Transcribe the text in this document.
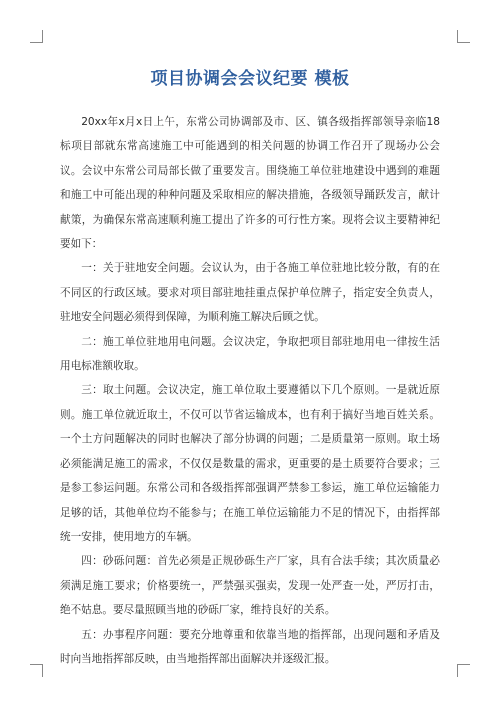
项目协调会会议纪要 模板

20xx年x月x日上午，东常公司协调部及市、区、镇各级指挥部领导亲临18标项目部就东常高速施工中可能遇到的相关问题的协调工作召开了现场办公会议。会议中东常公司局部长做了重要发言。围绕施工单位驻地建设中遇到的难题和施工中可能出现的种种问题及采取相应的解决措施，各级领导踊跃发言，献计献策，为确保东常高速顺利施工提出了许多的可行性方案。现将会议主要精神纪要如下：

一：关于驻地安全问题。会议认为，由于各施工单位驻地比较分散，有的在不同区的行政区域。要求对项目部驻地挂重点保护单位牌子，指定安全负责人，驻地安全问题必须得到保障，为顺利施工解决后顾之忧。

二：施工单位驻地用电问题。会议决定，争取把项目部驻地用电一律按生活用电标准额收取。

三：取土问题。会议决定，施工单位取土要遵循以下几个原则。一是就近原则。施工单位就近取土，不仅可以节省运输成本，也有利于搞好当地百姓关系。一个土方问题解决的同时也解决了部分协调的问题；二是质量第一原则。取土场必须能满足施工的需求，不仅仅是数量的需求，更重要的是土质要符合要求；三是参工参运问题。东常公司和各级指挥部强调严禁参工参运，施工单位运输能力足够的话，其他单位均不能参与；在施工单位运输能力不足的情况下，由指挥部统一安排，使用地方的车辆。

四：砂砾问题：首先必须是正规砂砾生产厂家，具有合法手续；其次质量必须满足施工要求；价格要统一，严禁强买强卖，发现一处严查一处，严厉打击，绝不姑息。要尽量照顾当地的砂砾厂家，维持良好的关系。

五：办事程序问题：要充分地尊重和依靠当地的指挥部，出现问题和矛盾及时向当地指挥部反映，由当地指挥部出面解决并逐级汇报。
